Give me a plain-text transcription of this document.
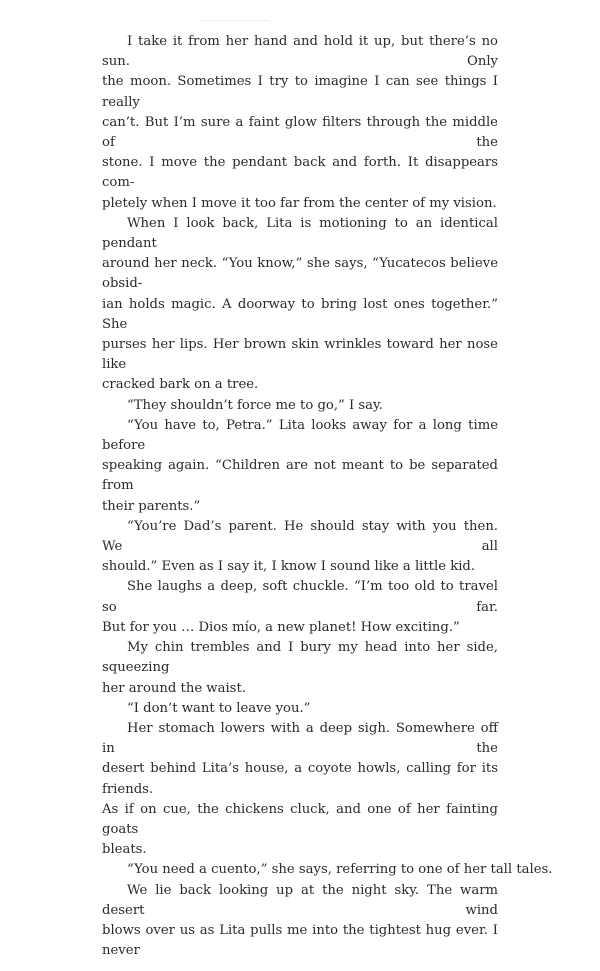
I take it from her hand and hold it up, but there’s no sun. Only
the moon. Sometimes I try to imagine I can see things I really
can’t. But I’m sure a faint glow filters through the middle of the
stone. I move the pendant back and forth. It disappears com-
pletely when I move it too far from the center of my vision.

When I look back, Lita is motioning to an identical pendant
around her neck. “You know,” she says, “Yucatecos believe obsid-
ian holds magic. A doorway to bring lost ones together.” She
purses her lips. Her brown skin wrinkles toward her nose like
cracked bark on a tree.

“They shouldn’t force me to go,” I say.

“You have to, Petra.” Lita looks away for a long time before
speaking again. “Children are not meant to be separated from
their parents.”

“You’re Dad’s parent. He should stay with you then. We all
should.” Even as I say it, I know I sound like a little kid.

She laughs a deep, soft chuckle. “I’m too old to travel so far.
But for you … Dios mío, a new planet! How exciting.”

My chin trembles and I bury my head into her side, squeezing
her around the waist.

“I don’t want to leave you.”

Her stomach lowers with a deep sigh. Somewhere off in the
desert behind Lita’s house, a coyote howls, calling for its friends.
As if on cue, the chickens cluck, and one of her fainting goats
bleats.

“You need a cuento,” she says, referring to one of her tall tales.

We lie back looking up at the night sky. The warm desert wind
blows over us as Lita pulls me into the tightest hug ever. I never
